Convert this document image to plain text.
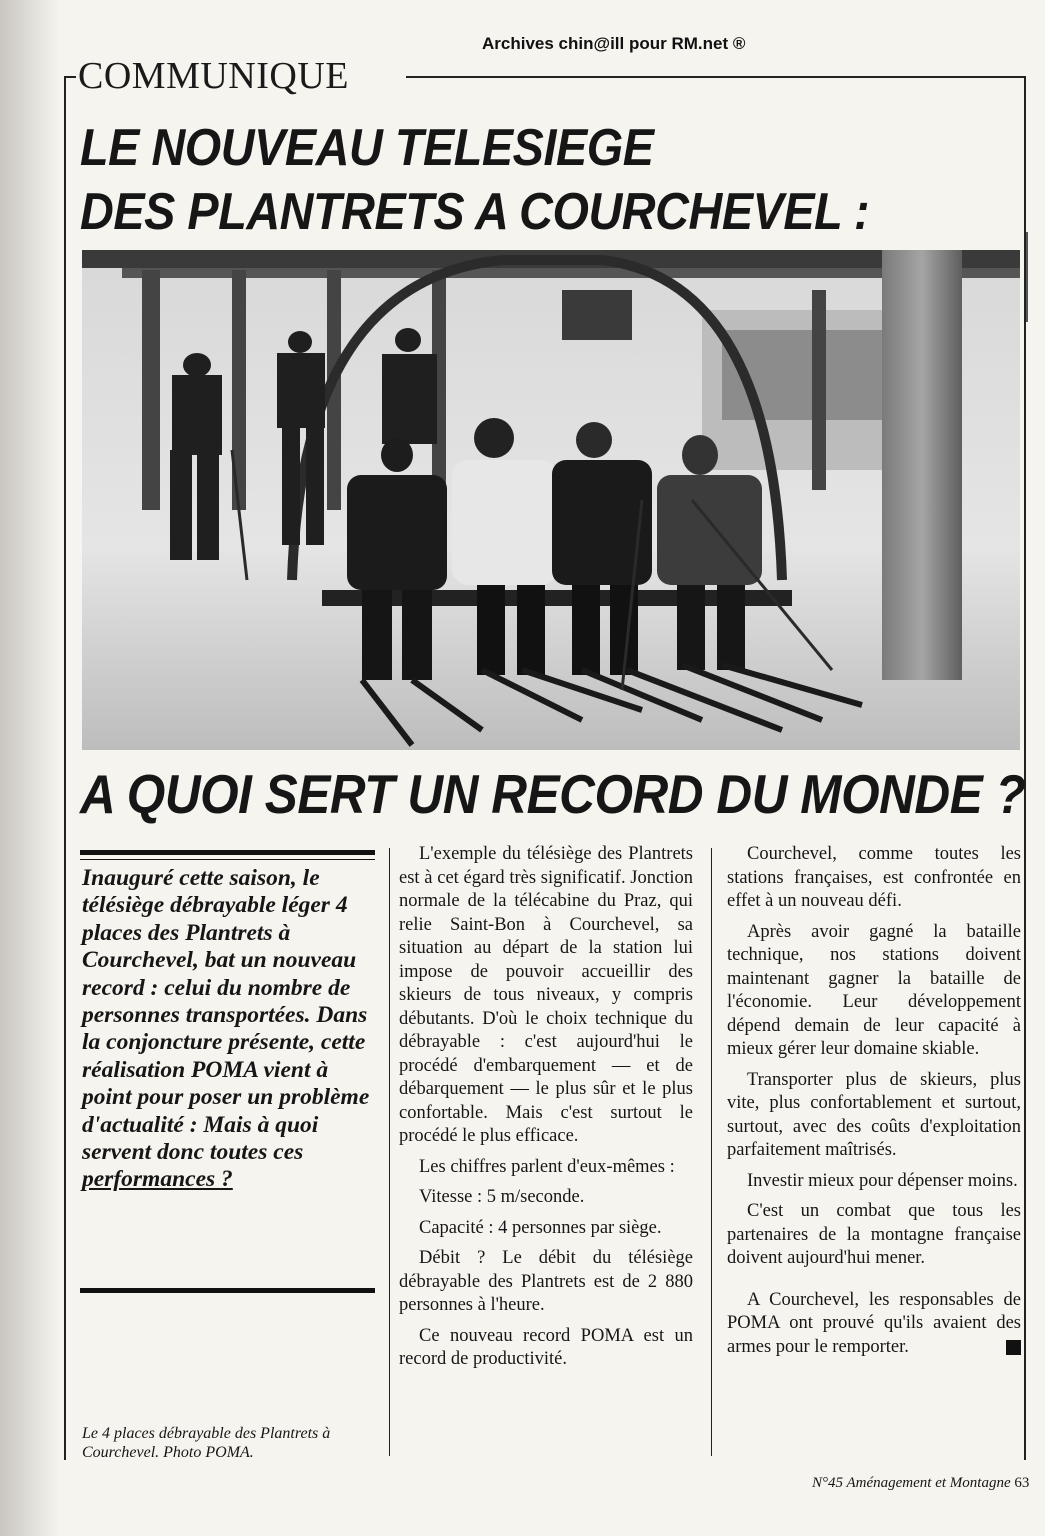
Archives chin@ill pour RM.net ®
COMMUNIQUE
LE NOUVEAU TELESIEGE
DES PLANTRETS A COURCHEVEL :
A QUOI SERT UN RECORD DU MONDE ?

Inauguré cette saison, le télésiège débrayable léger 4 places des Plantrets à Courchevel, bat un nouveau record : celui du nombre de personnes transportées. Dans la conjoncture présente, cette réalisation POMA vient à point pour poser un problème d'actualité : Mais à quoi servent donc toutes ces performances ?

Le 4 places débrayable des Plantrets à Courchevel. Photo POMA.

L'exemple du télésiège des Plantrets est à cet égard très significatif. Jonction normale de la télécabine du Praz, qui relie Saint-Bon à Courchevel, sa situation au départ de la station lui impose de pouvoir accueillir des skieurs de tous niveaux, y compris débutants. D'où le choix technique du débrayable : c'est aujourd'hui le procédé d'embarquement — et de débarquement — le plus sûr et le plus confortable. Mais c'est surtout le procédé le plus efficace.

Les chiffres parlent d'eux-mêmes :

Vitesse : 5 m/seconde.

Capacité : 4 personnes par siège.

Débit ? Le débit du télésiège débrayable des Plantrets est de 2 880 personnes à l'heure.

Ce nouveau record POMA est un record de productivité.

Courchevel, comme toutes les stations françaises, est confrontée en effet à un nouveau défi.

Après avoir gagné la bataille technique, nos stations doivent maintenant gagner la bataille de l'économie. Leur développement dépend demain de leur capacité à mieux gérer leur domaine skiable.

Transporter plus de skieurs, plus vite, plus confortablement et surtout, surtout, avec des coûts d'exploitation parfaitement maîtrisés.

Investir mieux pour dépenser moins.

C'est un combat que tous les partenaires de la montagne française doivent aujourd'hui mener.

A Courchevel, les responsables de POMA ont prouvé qu'ils avaient des armes pour le remporter.

N°45 Aménagement et Montagne 63
